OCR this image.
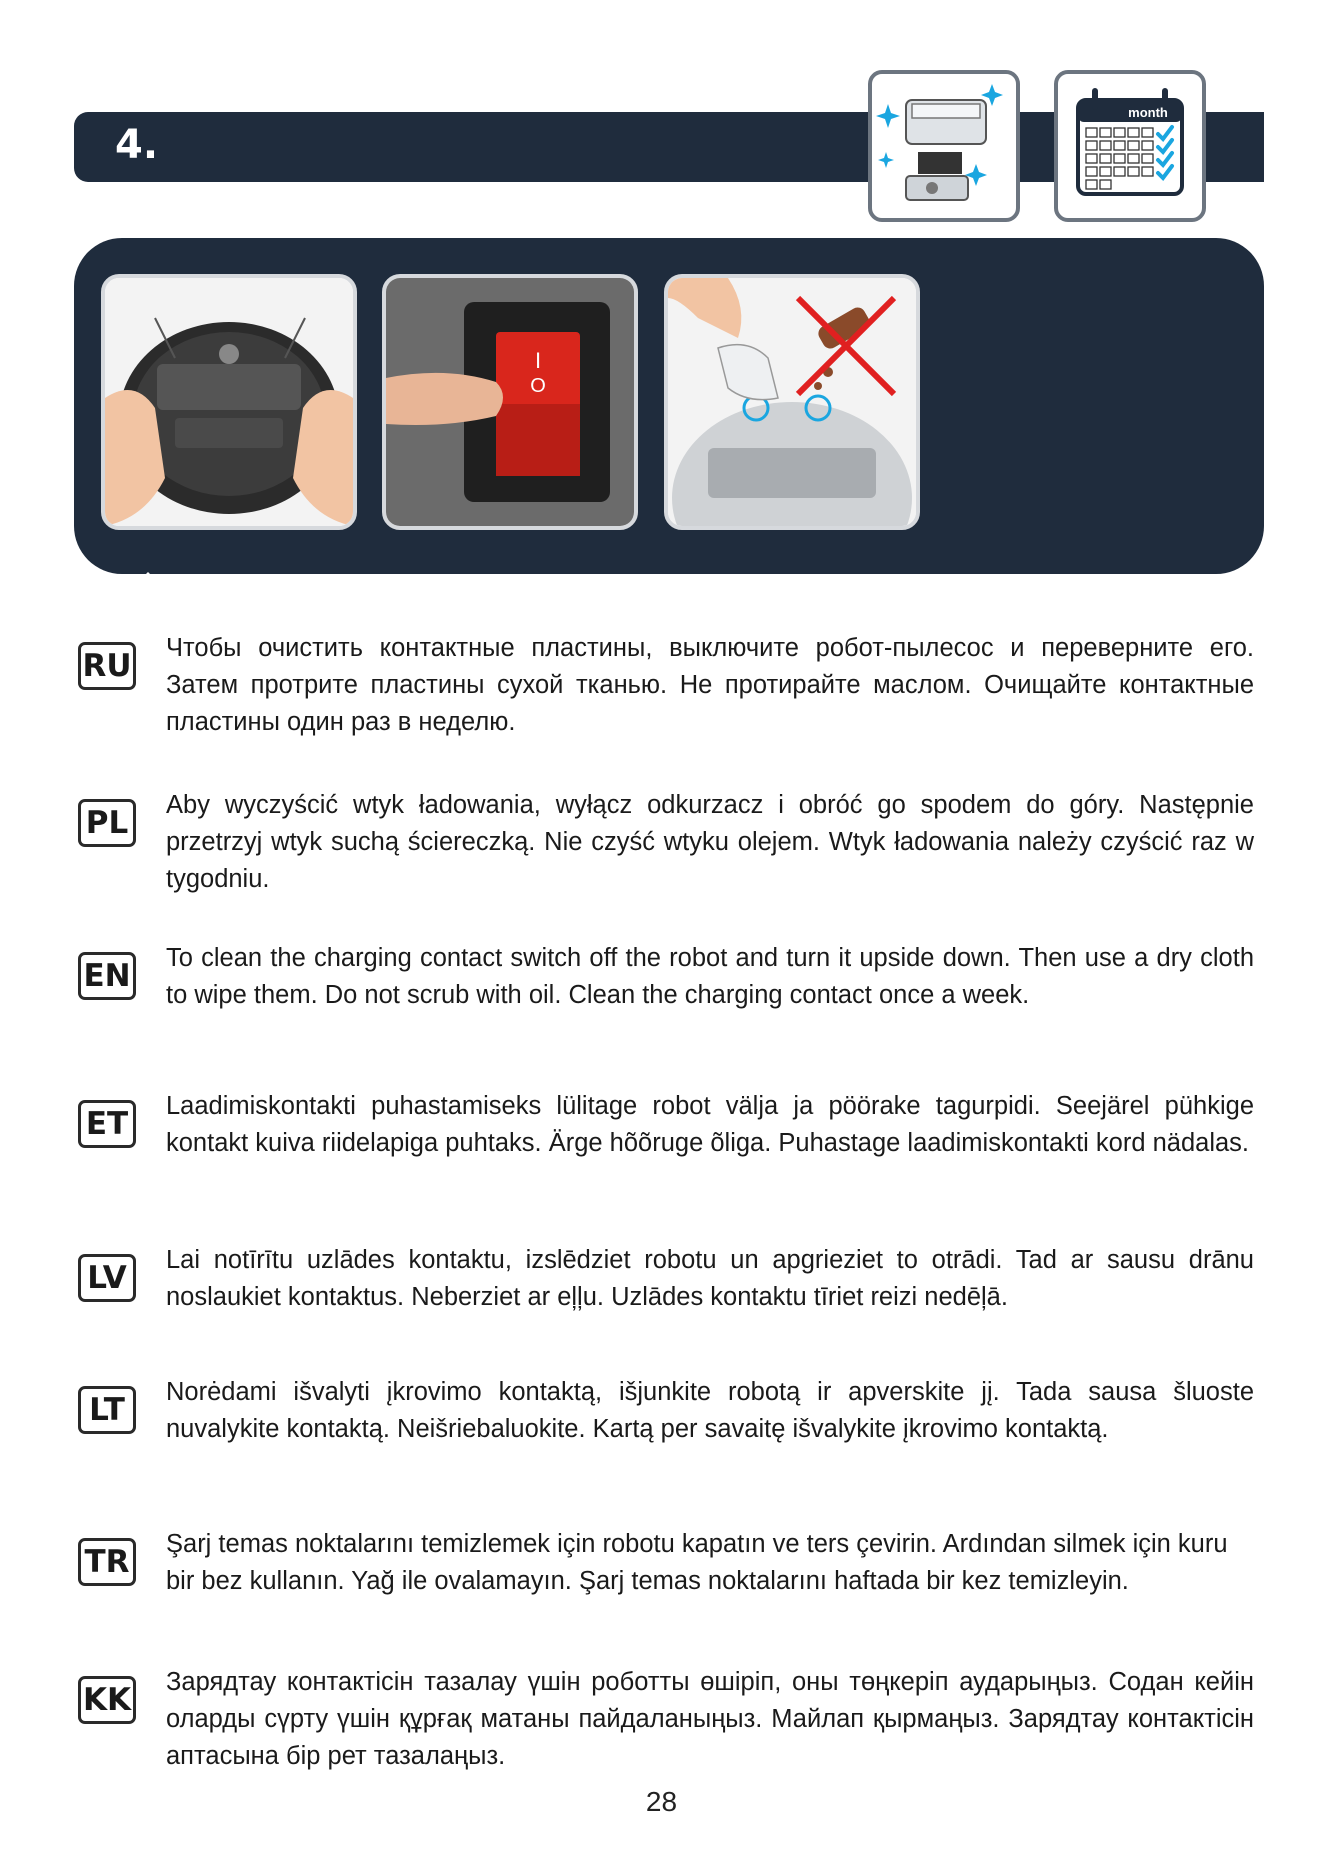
4.
month
I
O
RU Чтобы очистить контактные пластины, выключите робот-пылесос и переверните его. Затем протрите пластины сухой тканью. Не протирайте маслом. Очищайте контактные пластины один раз в неделю.
PL	Aby wyczyścić wtyk ładowania, wyłącz odkurzacz i obróć go spodem do góry. Następnie przetrzyj wtyk suchą ściereczką. Nie czyść wtyku olejem. Wtyk ładowania należy czyścić raz w tygodniu.
EN To clean the charging contact switch off the robot and turn it upside down. Then use a dry cloth to wipe them. Do not scrub with oil. Clean the charging contact once a week.
ET	Laadimiskontakti puhastamiseks lülitage robot välja ja pöörake tagurpidi. Seejärel pühkige kontakt kuiva riidelapiga puhtaks. Ärge hõõruge õliga. Puhastage laadimiskontakti kord nädalas.
LV	Lai notīrītu uzlādes kontaktu, izslēdziet robotu un apgrieziet to otrādi. Tad ar sausu drānu noslaukiet kontaktus. Neberziet ar eļļu. Uzlādes kontaktu tīriet reizi nedēļā.
LT	Norėdami išvalyti įkrovimo kontaktą, išjunkite robotą ir apverskite jį. Tada sausa šluoste nuvalykite kontaktą. Neišriebaluokite. Kartą per savaitę išvalykite įkrovimo kontaktą.
TR Şarj temas noktalarını temizlemek için robotu kapatın ve ters çevirin. Ardından silmek için kuru bir bez kullanın. Yağ ile ovalamayın. Şarj temas noktalarını haftada bir kez temizleyin.
KK Зарядтау контактісін тазалау үшін роботты өшіріп, оны төңкеріп аударыңыз. Содан кейін оларды сүрту үшін құрғақ матаны пайдаланыңыз. Майлап қырмаңыз. Зарядтау контактісін аптасына бір рет тазалаңыз.
28
